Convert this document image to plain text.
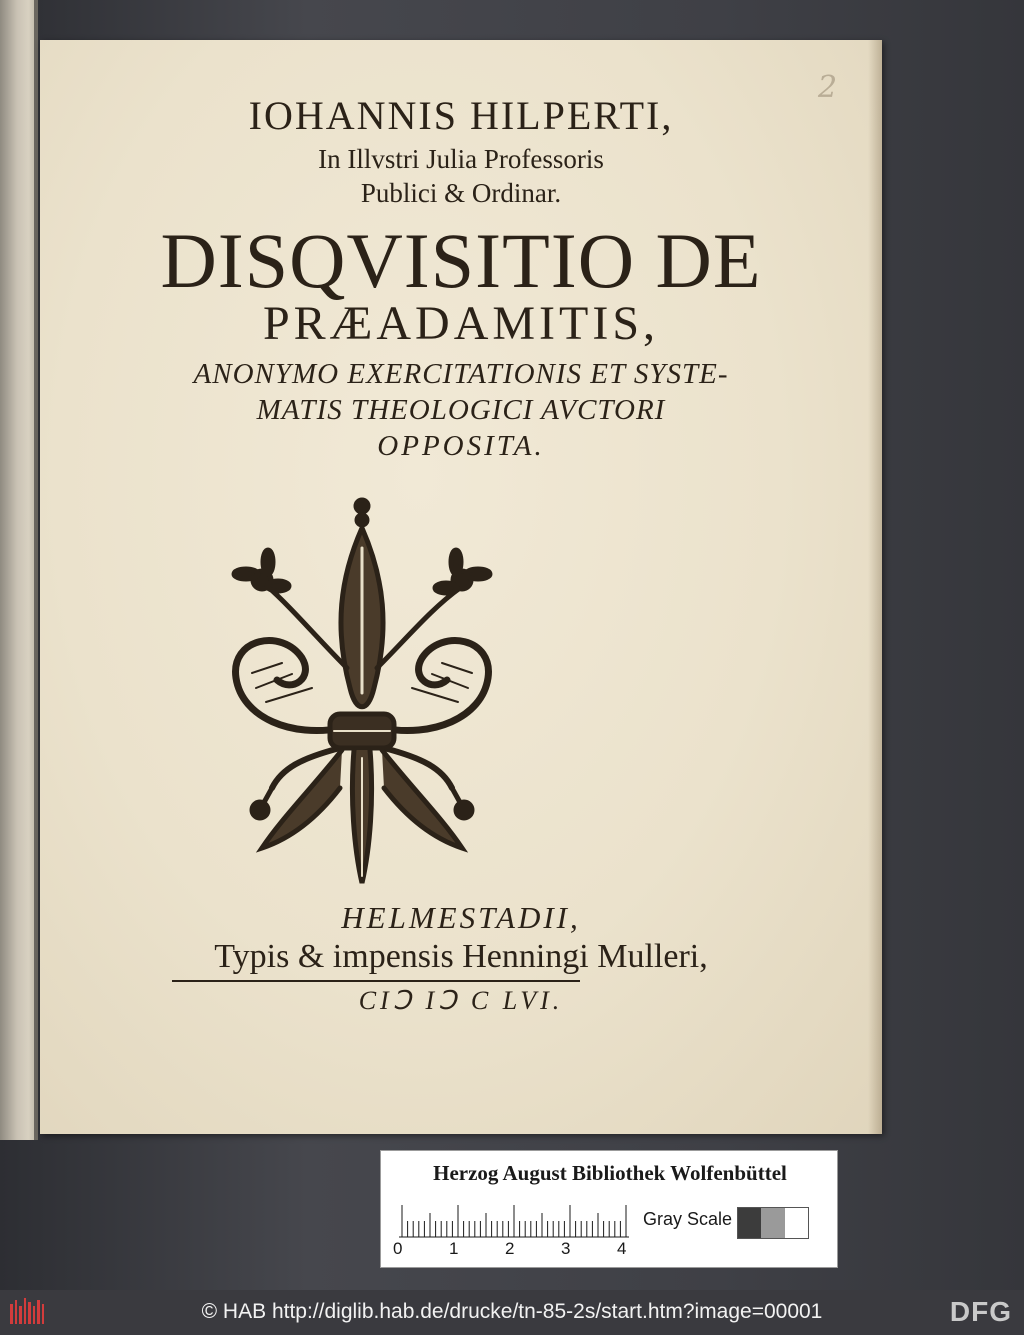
2
IOHANNIS HILPERTI,
In Illvstri Julia Professoris
Publici & Ordinar.
DISQVISITIO DE
PRÆADAMITIS,
ANONYMO EXERCITATIONIS ET SYSTE-
MATIS THEOLOGICI AVCTORI
OPPOSITA.
HELMESTADII,
Typis & impensis Henningi Mulleri,
CIↃ IↃ C LVI.
Herzog August Bibliothek Wolfenbüttel
0	1	2	3	4
Gray Scale
© HAB http://diglib.hab.de/drucke/tn-85-2s/start.htm?image=00001	DFG
